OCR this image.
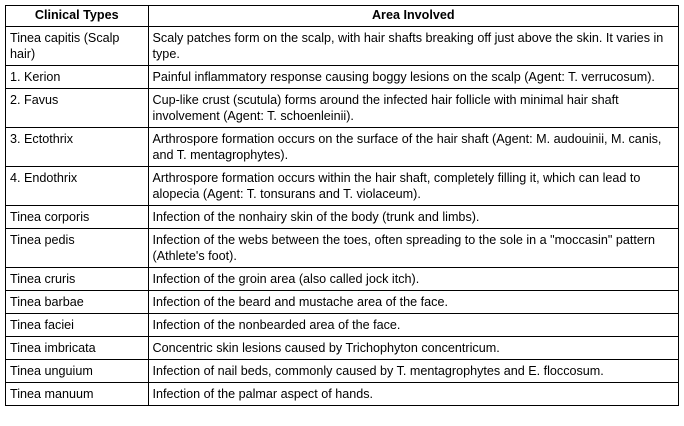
Clinical Types	Area Involved
Tinea capitis (Scalp hair)	Scaly patches form on the scalp, with hair shafts breaking off just above the skin. It varies in type.
1. Kerion	Painful inflammatory response causing boggy lesions on the scalp (Agent: T. verrucosum).
2. Favus	Cup-like crust (scutula) forms around the infected hair follicle with minimal hair shaft involvement (Agent: T. schoenleinii).
3. Ectothrix	Arthrospore formation occurs on the surface of the hair shaft (Agent: M. audouinii, M. canis, and T. mentagrophytes).
4. Endothrix	Arthrospore formation occurs within the hair shaft, completely filling it, which can lead to alopecia (Agent: T. tonsurans and T. violaceum).
Tinea corporis	Infection of the nonhairy skin of the body (trunk and limbs).
Tinea pedis	Infection of the webs between the toes, often spreading to the sole in a "moccasin" pattern (Athlete's foot).
Tinea cruris	Infection of the groin area (also called jock itch).
Tinea barbae	Infection of the beard and mustache area of the face.
Tinea faciei	Infection of the nonbearded area of the face.
Tinea imbricata	Concentric skin lesions caused by Trichophyton concentricum.
Tinea unguium	Infection of nail beds, commonly caused by T. mentagrophytes and E. floccosum.
Tinea manuum	Infection of the palmar aspect of hands.
